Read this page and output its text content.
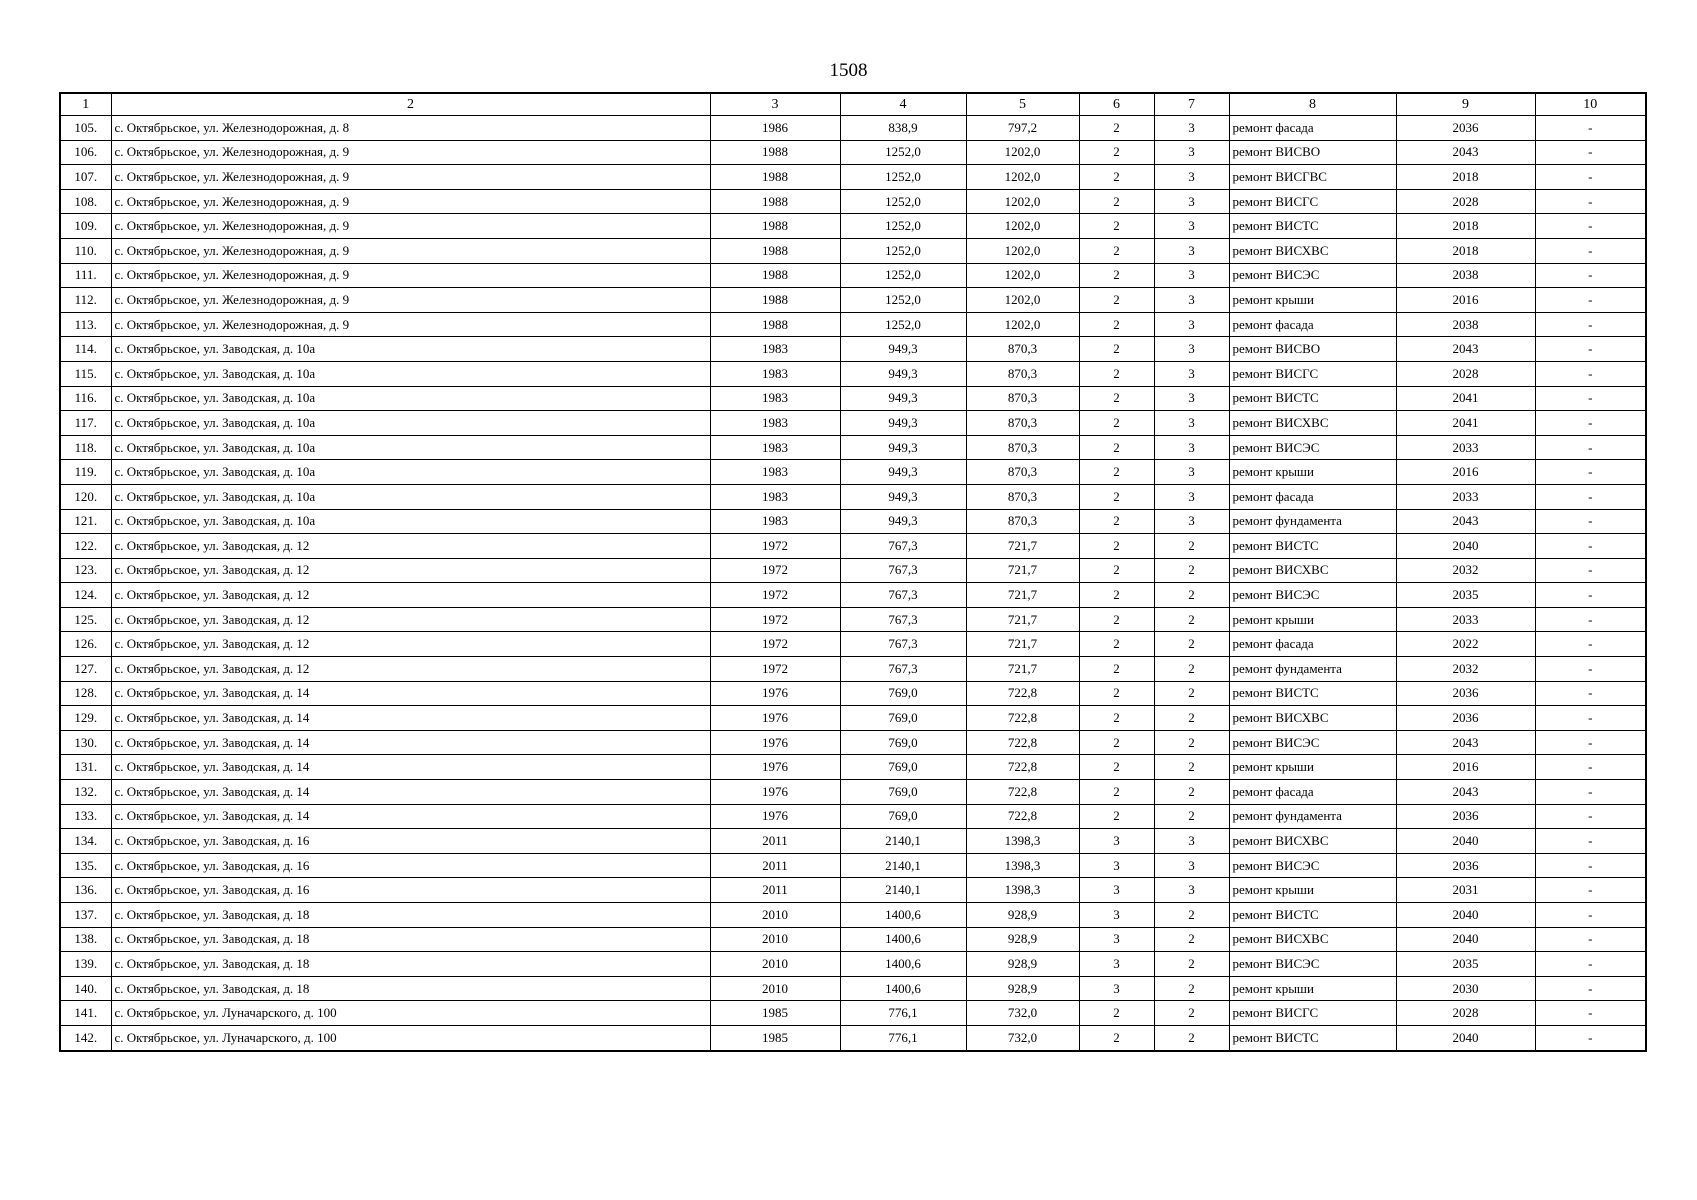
1508
1	2	3	4	5	6	7	8	9	10
105.	с. Октябрьское, ул. Железнодорожная, д. 8	1986	838,9	797,2	2	3	ремонт фасада	2036	-
106.	с. Октябрьское, ул. Железнодорожная, д. 9	1988	1252,0	1202,0	2	3	ремонт ВИСВО	2043	-
107.	с. Октябрьское, ул. Железнодорожная, д. 9	1988	1252,0	1202,0	2	3	ремонт ВИСГВС	2018	-
108.	с. Октябрьское, ул. Железнодорожная, д. 9	1988	1252,0	1202,0	2	3	ремонт ВИСГС	2028	-
109.	с. Октябрьское, ул. Железнодорожная, д. 9	1988	1252,0	1202,0	2	3	ремонт ВИСТС	2018	-
110.	с. Октябрьское, ул. Железнодорожная, д. 9	1988	1252,0	1202,0	2	3	ремонт ВИСХВС	2018	-
111.	с. Октябрьское, ул. Железнодорожная, д. 9	1988	1252,0	1202,0	2	3	ремонт ВИСЭС	2038	-
112.	с. Октябрьское, ул. Железнодорожная, д. 9	1988	1252,0	1202,0	2	3	ремонт крыши	2016	-
113.	с. Октябрьское, ул. Железнодорожная, д. 9	1988	1252,0	1202,0	2	3	ремонт фасада	2038	-
114.	с. Октябрьское, ул. Заводская, д. 10а	1983	949,3	870,3	2	3	ремонт ВИСВО	2043	-
115.	с. Октябрьское, ул. Заводская, д. 10а	1983	949,3	870,3	2	3	ремонт ВИСГС	2028	-
116.	с. Октябрьское, ул. Заводская, д. 10а	1983	949,3	870,3	2	3	ремонт ВИСТС	2041	-
117.	с. Октябрьское, ул. Заводская, д. 10а	1983	949,3	870,3	2	3	ремонт ВИСХВС	2041	-
118.	с. Октябрьское, ул. Заводская, д. 10а	1983	949,3	870,3	2	3	ремонт ВИСЭС	2033	-
119.	с. Октябрьское, ул. Заводская, д. 10а	1983	949,3	870,3	2	3	ремонт крыши	2016	-
120.	с. Октябрьское, ул. Заводская, д. 10а	1983	949,3	870,3	2	3	ремонт фасада	2033	-
121.	с. Октябрьское, ул. Заводская, д. 10а	1983	949,3	870,3	2	3	ремонт фундамента	2043	-
122.	с. Октябрьское, ул. Заводская, д. 12	1972	767,3	721,7	2	2	ремонт ВИСТС	2040	-
123.	с. Октябрьское, ул. Заводская, д. 12	1972	767,3	721,7	2	2	ремонт ВИСХВС	2032	-
124.	с. Октябрьское, ул. Заводская, д. 12	1972	767,3	721,7	2	2	ремонт ВИСЭС	2035	-
125.	с. Октябрьское, ул. Заводская, д. 12	1972	767,3	721,7	2	2	ремонт крыши	2033	-
126.	с. Октябрьское, ул. Заводская, д. 12	1972	767,3	721,7	2	2	ремонт фасада	2022	-
127.	с. Октябрьское, ул. Заводская, д. 12	1972	767,3	721,7	2	2	ремонт фундамента	2032	-
128.	с. Октябрьское, ул. Заводская, д. 14	1976	769,0	722,8	2	2	ремонт ВИСТС	2036	-
129.	с. Октябрьское, ул. Заводская, д. 14	1976	769,0	722,8	2	2	ремонт ВИСХВС	2036	-
130.	с. Октябрьское, ул. Заводская, д. 14	1976	769,0	722,8	2	2	ремонт ВИСЭС	2043	-
131.	с. Октябрьское, ул. Заводская, д. 14	1976	769,0	722,8	2	2	ремонт крыши	2016	-
132.	с. Октябрьское, ул. Заводская, д. 14	1976	769,0	722,8	2	2	ремонт фасада	2043	-
133.	с. Октябрьское, ул. Заводская, д. 14	1976	769,0	722,8	2	2	ремонт фундамента	2036	-
134.	с. Октябрьское, ул. Заводская, д. 16	2011	2140,1	1398,3	3	3	ремонт ВИСХВС	2040	-
135.	с. Октябрьское, ул. Заводская, д. 16	2011	2140,1	1398,3	3	3	ремонт ВИСЭС	2036	-
136.	с. Октябрьское, ул. Заводская, д. 16	2011	2140,1	1398,3	3	3	ремонт крыши	2031	-
137.	с. Октябрьское, ул. Заводская, д. 18	2010	1400,6	928,9	3	2	ремонт ВИСТС	2040	-
138.	с. Октябрьское, ул. Заводская, д. 18	2010	1400,6	928,9	3	2	ремонт ВИСХВС	2040	-
139.	с. Октябрьское, ул. Заводская, д. 18	2010	1400,6	928,9	3	2	ремонт ВИСЭС	2035	-
140.	с. Октябрьское, ул. Заводская, д. 18	2010	1400,6	928,9	3	2	ремонт крыши	2030	-
141.	с. Октябрьское, ул. Луначарского, д. 100	1985	776,1	732,0	2	2	ремонт ВИСГС	2028	-
142.	с. Октябрьское, ул. Луначарского, д. 100	1985	776,1	732,0	2	2	ремонт ВИСТС	2040	-
